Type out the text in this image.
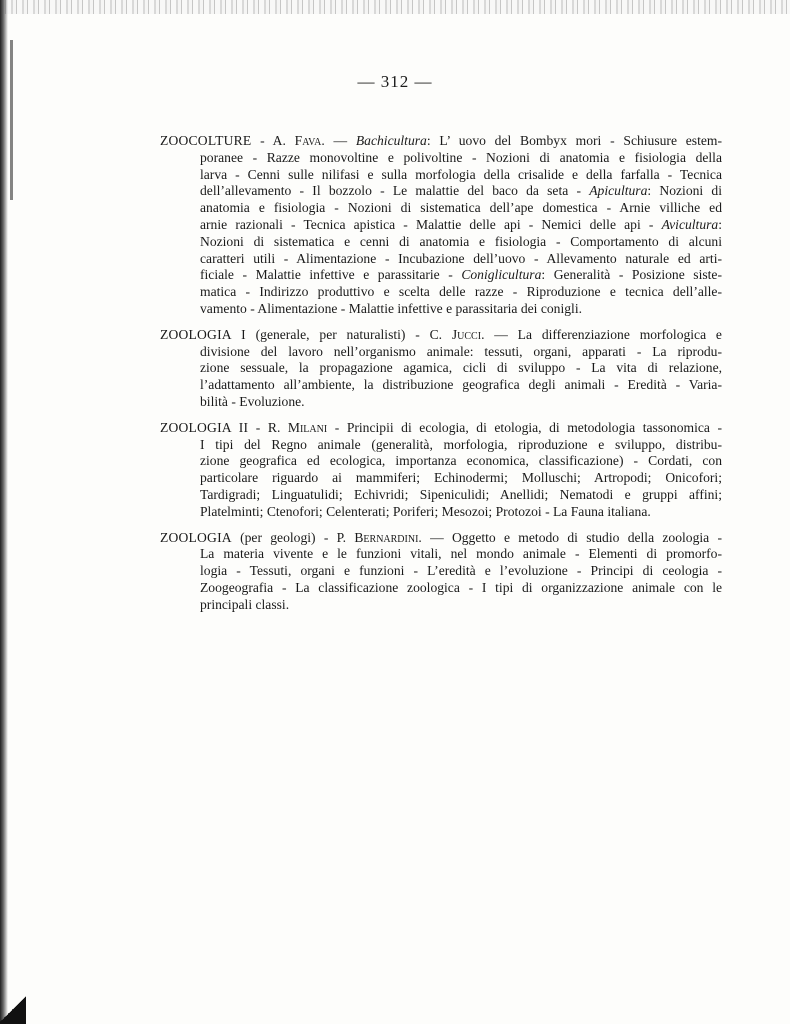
— 312 —
ZOOCOLTURE - A. Fava. — Bachicultura: L’ uovo del Bombyx mori - Schiusure estem-
poranee - Razze monovoltine e polivoltine - Nozioni di anatomia e fisiologia della
larva - Cenni sulle nilifasi e sulla morfologia della crisalide e della farfalla - Tecnica
dell’allevamento - Il bozzolo - Le malattie del baco da seta - Apicultura: Nozioni di
anatomia e fisiologia - Nozioni di sistematica dell’ape domestica - Arnie villiche ed
arnie razionali - Tecnica apistica - Malattie delle api - Nemici delle api - Avicultura:
Nozioni di sistematica e cenni di anatomia e fisiologia - Comportamento di alcuni
caratteri utili - Alimentazione - Incubazione dell’uovo - Allevamento naturale ed arti-
ficiale - Malattie infettive e parassitarie - Conigliculturа: Generalità - Posizione siste-
matica - Indirizzo produttivo e scelta delle razze - Riproduzione e tecnica dell’alle-
vamento - Alimentazione - Malattie infettive e parassitaria dei conigli.
ZOOLOGIA I (generale, per naturalisti) - C. Jucci. — La differenziazione morfologica e
divisione del lavoro nell’organismo animale: tessuti, organi, apparati - La riprodu-
zione sessuale, la propagazione agamica, cicli di sviluppo - La vita di relazione,
l’adattamento all’ambiente, la distribuzione geografica degli animali - Eredità - Varia-
bilità - Evoluzione.
ZOOLOGIA II - R. Milani - Principii di ecologia, di etologia, di metodologia tassonomica -
I tipi del Regno animale (generalità, morfologia, riproduzione e sviluppo, distribu-
zione geografica ed ecologica, importanza economica, classificazione) - Cordati, con
particolare riguardo ai mammiferi; Echinodermi; Molluschi; Artropodi; Onicofori;
Tardigradi; Linguatulidi; Echivridi; Sipeniculidi; Anellidi; Nematodi e gruppi affini;
Platelminti; Ctenofori; Celenterati; Poriferi; Mesozoi; Protozoi - La Fauna italiana.
ZOOLOGIA (per geologi) - P. Bernardini. — Oggetto e metodo di studio della zoologia -
La materia vivente e le funzioni vitali, nel mondo animale - Elementi di promorfo-
logia - Tessuti, organi e funzioni - L’eredità e l’evoluzione - Principi di ceologia -
Zoogeografia - La classificazione zoologica - I tipi di organizzazione animale con le
principali classi.
